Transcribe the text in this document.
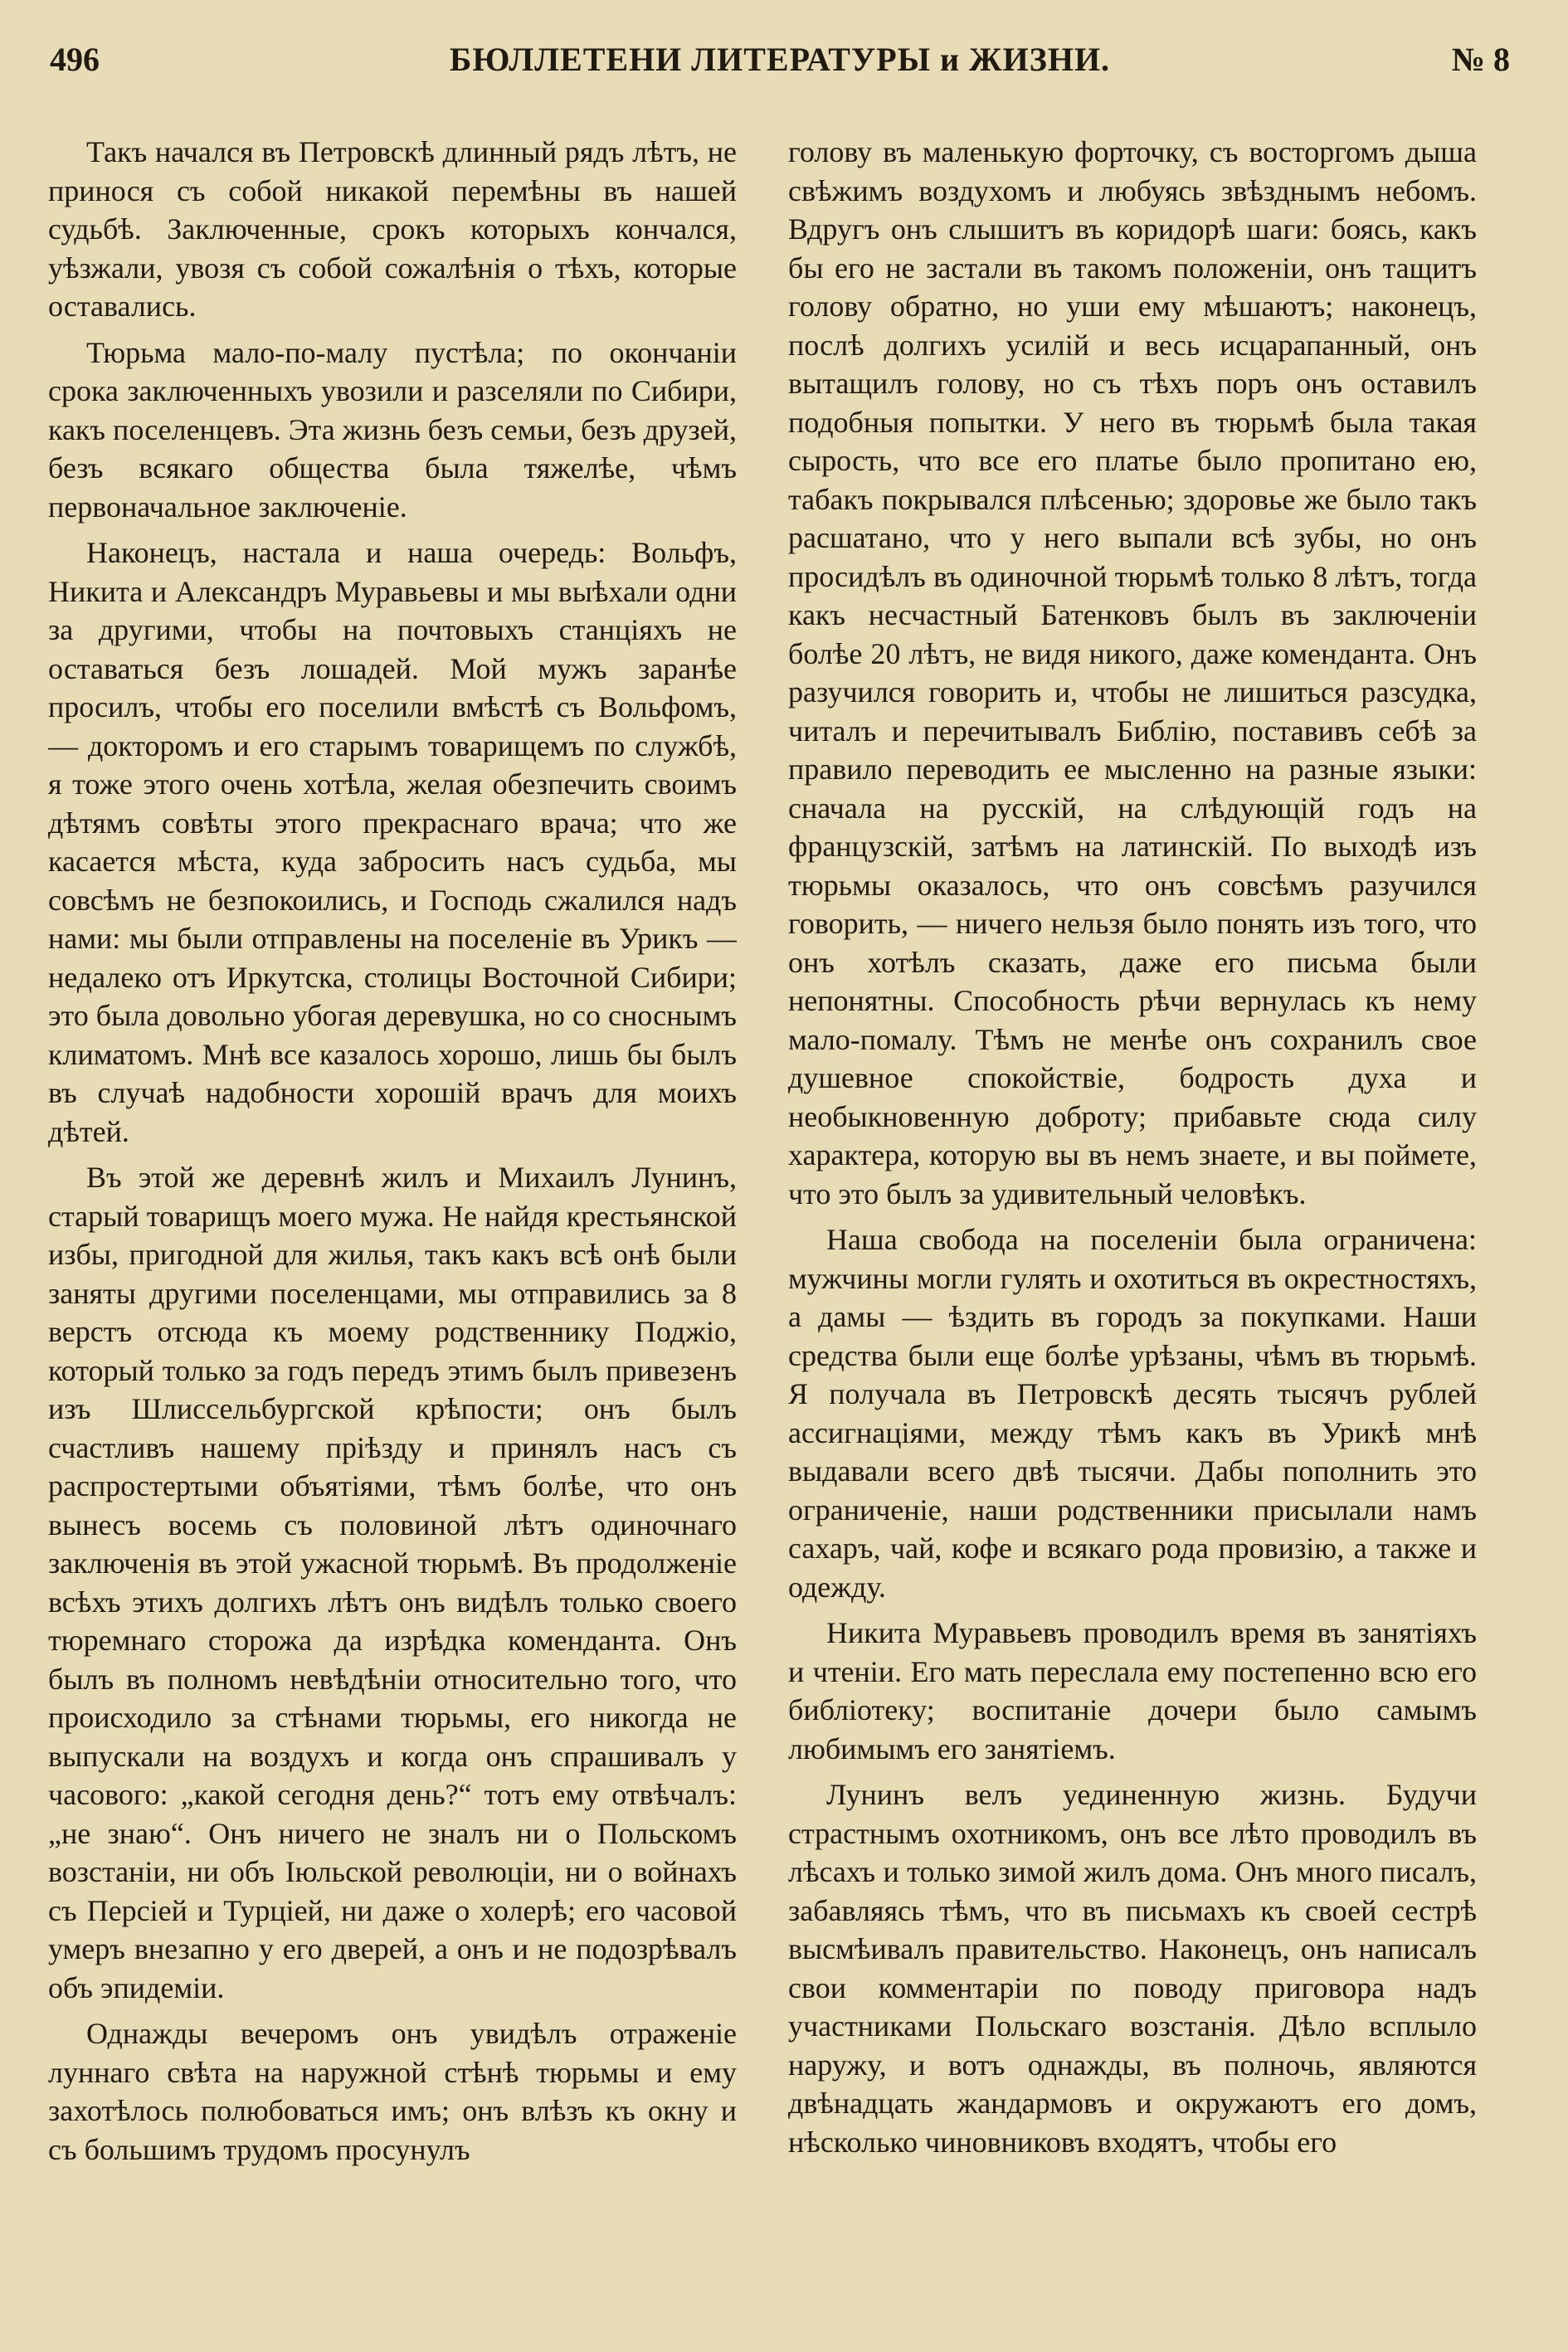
496	БЮЛЛЕТЕНИ ЛИТЕРАТУРЫ и ЖИЗНИ.	№ 8

Такъ начался въ Петровскѣ длинный рядъ лѣтъ, не принося съ собой никакой перемѣны въ нашей судьбѣ. Заключенные, срокъ которыхъ кончался, уѣзжали, увозя съ собой сожалѣнія о тѣхъ, которые оставались.

Тюрьма мало-по-малу пустѣла; по окончаніи срока заключенныхъ увозили и разселяли по Сибири, какъ поселенцевъ. Эта жизнь безъ семьи, безъ друзей, безъ всякаго общества была тяжелѣе, чѣмъ первоначальное заключеніе.

Наконецъ, настала и наша очередь: Вольфъ, Никита и Александръ Муравьевы и мы выѣхали одни за другими, чтобы на почтовыхъ станціяхъ не оставаться безъ лошадей. Мой мужъ заранѣе просилъ, чтобы его поселили вмѣстѣ съ Вольфомъ, — докторомъ и его старымъ товарищемъ по службѣ, я тоже этого очень хотѣла, желая обезпечить своимъ дѣтямъ совѣты этого прекраснаго врача; что же касается мѣста, куда забросить насъ судьба, мы совсѣмъ не безпокоились, и Господь сжалился надъ нами: мы были отправлены на поселеніе въ Урикъ — недалеко отъ Иркутска, столицы Восточной Сибири; это была довольно убогая деревушка, но со сноснымъ климатомъ. Мнѣ все казалось хорошо, лишь бы былъ въ случаѣ надобности хорошій врачъ для моихъ дѣтей.

Въ этой же деревнѣ жилъ и Михаилъ Лунинъ, старый товарищъ моего мужа. Не найдя крестьянской избы, пригодной для жилья, такъ какъ всѣ онѣ были заняты другими поселенцами, мы отправились за 8 верстъ отсюда къ моему родственнику Поджіо, который только за годъ передъ этимъ былъ привезенъ изъ Шлиссельбургской крѣпости; онъ былъ счастливъ нашему пріѣзду и принялъ насъ съ распростертыми объятіями, тѣмъ болѣе, что онъ вынесъ восемь съ половиной лѣтъ одиночнаго заключенія въ этой ужасной тюрьмѣ. Въ продолженіе всѣхъ этихъ долгихъ лѣтъ онъ видѣлъ только своего тюремнаго сторожа да изрѣдка коменданта. Онъ былъ въ полномъ невѣдѣніи относительно того, что происходило за стѣнами тюрьмы, его никогда не выпускали на воздухъ и когда онъ спрашивалъ у часового: „какой сегодня день?“ тотъ ему отвѣчалъ: „не знаю“. Онъ ничего не зналъ ни о Польскомъ возстаніи, ни объ Іюльской революціи, ни о войнахъ съ Персіей и Турціей, ни даже о холерѣ; его часовой умеръ внезапно у его дверей, а онъ и не подозрѣвалъ объ эпидеміи.

Однажды вечеромъ онъ увидѣлъ отраженіе луннаго свѣта на наружной стѣнѣ тюрьмы и ему захотѣлось полюбоваться имъ; онъ влѣзъ къ окну и съ большимъ трудомъ просунулъ

голову въ маленькую форточку, съ восторгомъ дыша свѣжимъ воздухомъ и любуясь звѣзднымъ небомъ. Вдругъ онъ слышитъ въ коридорѣ шаги: боясь, какъ бы его не застали въ такомъ положеніи, онъ тащитъ голову обратно, но уши ему мѣшаютъ; наконецъ, послѣ долгихъ усилій и весь исцарапанный, онъ вытащилъ голову, но съ тѣхъ поръ онъ оставилъ подобныя попытки. У него въ тюрьмѣ была такая сырость, что все его платье было пропитано ею, табакъ покрывался плѣсенью; здоровье же было такъ расшатано, что у него выпали всѣ зубы, но онъ просидѣлъ въ одиночной тюрьмѣ только 8 лѣтъ, тогда какъ несчастный Батенковъ былъ въ заключеніи болѣе 20 лѣтъ, не видя никого, даже коменданта. Онъ разучился говорить и, чтобы не лишиться разсудка, читалъ и перечитывалъ Библію, поставивъ себѣ за правило переводить ее мысленно на разные языки: сначала на русскій, на слѣдующій годъ на французскій, затѣмъ на латинскій. По выходѣ изъ тюрьмы оказалось, что онъ совсѣмъ разучился говорить, — ничего нельзя было понять изъ того, что онъ хотѣлъ сказать, даже его письма были непонятны. Способность рѣчи вернулась къ нему мало-помалу. Тѣмъ не менѣе онъ сохранилъ свое душевное спокойствіе, бодрость духа и необыкновенную доброту; прибавьте сюда силу характера, которую вы въ немъ знаете, и вы поймете, что это былъ за удивительный человѣкъ.

Наша свобода на поселеніи была ограничена: мужчины могли гулять и охотиться въ окрестностяхъ, а дамы — ѣздить въ городъ за покупками. Наши средства были еще болѣе урѣзаны, чѣмъ въ тюрьмѣ. Я получала въ Петровскѣ десять тысячъ рублей ассигнаціями, между тѣмъ какъ въ Урикѣ мнѣ выдавали всего двѣ тысячи. Дабы пополнить это ограниченіе, наши родственники присылали намъ сахаръ, чай, кофе и всякаго рода провизію, а также и одежду.

Никита Муравьевъ проводилъ время въ занятіяхъ и чтеніи. Его мать переслала ему постепенно всю его библіотеку; воспитаніе дочери было самымъ любимымъ его занятіемъ.

Лунинъ велъ уединенную жизнь. Будучи страстнымъ охотникомъ, онъ все лѣто проводилъ въ лѣсахъ и только зимой жилъ дома. Онъ много писалъ, забавляясь тѣмъ, что въ письмахъ къ своей сестрѣ высмѣивалъ правительство. Наконецъ, онъ написалъ свои комментаріи по поводу приговора надъ участниками Польскаго возстанія. Дѣло всплыло наружу, и вотъ однажды, въ полночь, являются двѣнадцать жандармовъ и окружаютъ его домъ, нѣсколько чиновниковъ входятъ, чтобы его
